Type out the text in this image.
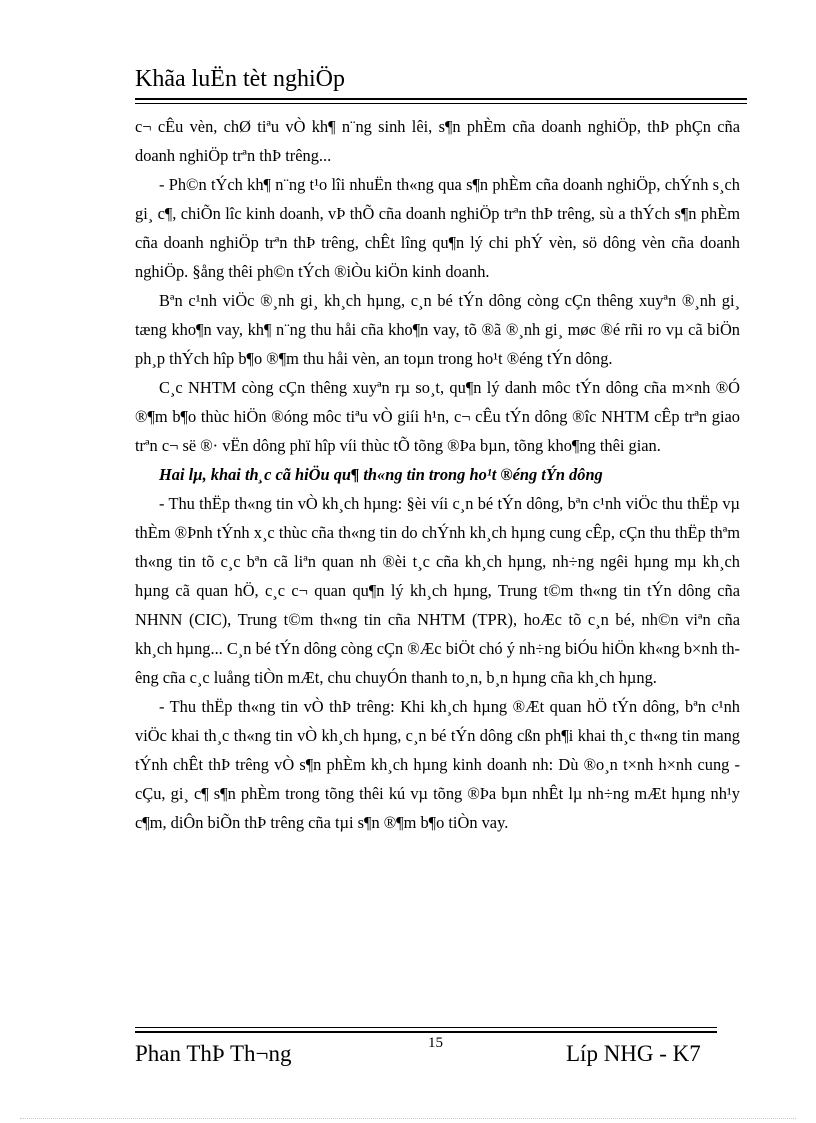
Khãa luËn tèt nghiÖp

c¬ cÊu vèn, chØ tiªu vÒ kh¶ n¨ng sinh lêi, s¶n phÈm cña doanh nghiÖp, thÞ phÇn cña doanh nghiÖp trªn thÞ trêng...

- Ph©n tÝch kh¶ n¨ng t¹o lîi nhuËn th«ng qua s¶n phÈm cña doanh nghiÖp, chÝnh s¸ch gi¸ c¶, chiÕn lîc kinh doanh, vÞ thÕ cña doanh nghiÖp trªn thÞ trêng, sù a thÝch s¶n phÈm cña doanh nghiÖp trªn thÞ trêng, chÊt lîng qu¶n lý chi phÝ vèn, sö dông vèn cña doanh nghiÖp. §ång thêi ph©n tÝch ®iÒu kiÖn kinh doanh.

Bªn c¹nh viÖc ®¸nh gi¸ kh¸ch hµng, c¸n bé tÝn dông còng cÇn thêng xuyªn ®¸nh gi¸ tæng kho¶n vay, kh¶ n¨ng thu håi cña kho¶n vay, tõ ®ã ®¸nh gi¸ møc ®é rñi ro vµ cã biÖn ph¸p thÝch hîp b¶o ®¶m thu håi vèn, an toµn trong ho¹t ®éng tÝn dông.

C¸c NHTM còng cÇn thêng xuyªn rµ so¸t, qu¶n lý danh môc tÝn dông cña m×nh ®Ó ®¶m b¶o thùc hiÖn ®óng môc tiªu vÒ giíi h¹n, c¬ cÊu tÝn dông ®îc NHTM cÊp trªn giao trªn c¬ së ®· vËn dông phï hîp víi thùc tÕ tõng ®Þa bµn, tõng kho¶ng thêi gian.

Hai lµ, khai th¸c cã hiÖu qu¶ th«ng tin trong ho¹t ®éng tÝn dông

- Thu thËp th«ng tin vÒ kh¸ch hµng: §èi víi c¸n bé tÝn dông, bªn c¹nh viÖc thu thËp vµ thÈm ®Þnh tÝnh x¸c thùc cña th«ng tin do chÝnh kh¸ch hµng cung cÊp, cÇn thu thËp thªm th«ng tin tõ c¸c bªn cã liªn quan nh ®èi t¸c cña kh¸ch hµng, nh÷ng ngêi hµng mµ kh¸ch hµng cã quan hÖ, c¸c c¬ quan qu¶n lý kh¸ch hµng, Trung t©m th«ng tin tÝn dông cña NHNN (CIC), Trung t©m th«ng tin cña NHTM (TPR), hoÆc tõ c¸n bé, nh©n viªn cña kh¸ch hµng... C¸n bé tÝn dông còng cÇn ®Æc biÖt chó ý nh÷ng biÓu hiÖn kh«ng b×nh thêng cña c¸c luång tiÒn mÆt, chu chuyÓn thanh to¸n, b¸n hµng cña kh¸ch hµng.

- Thu thËp th«ng tin vÒ thÞ trêng: Khi kh¸ch hµng ®Æt quan hÖ tÝn dông, bªn c¹nh viÖc khai th¸c th«ng tin vÒ kh¸ch hµng, c¸n bé tÝn dông cßn ph¶i khai th¸c th«ng tin mang tÝnh chÊt thÞ trêng vÒ s¶n phÈm kh¸ch hµng kinh doanh nh: Dù ®o¸n t×nh h×nh cung - cÇu, gi¸ c¶ s¶n phÈm trong tõng thêi kú vµ tõng ®Þa bµn nhÊt lµ nh÷ng mÆt hµng nh¹y c¶m, diÔn biÕn thÞ trêng cña tµi s¶n ®¶m b¶o tiÒn vay.

Phan ThÞ Th¬ng	15	Líp NHG - K7
